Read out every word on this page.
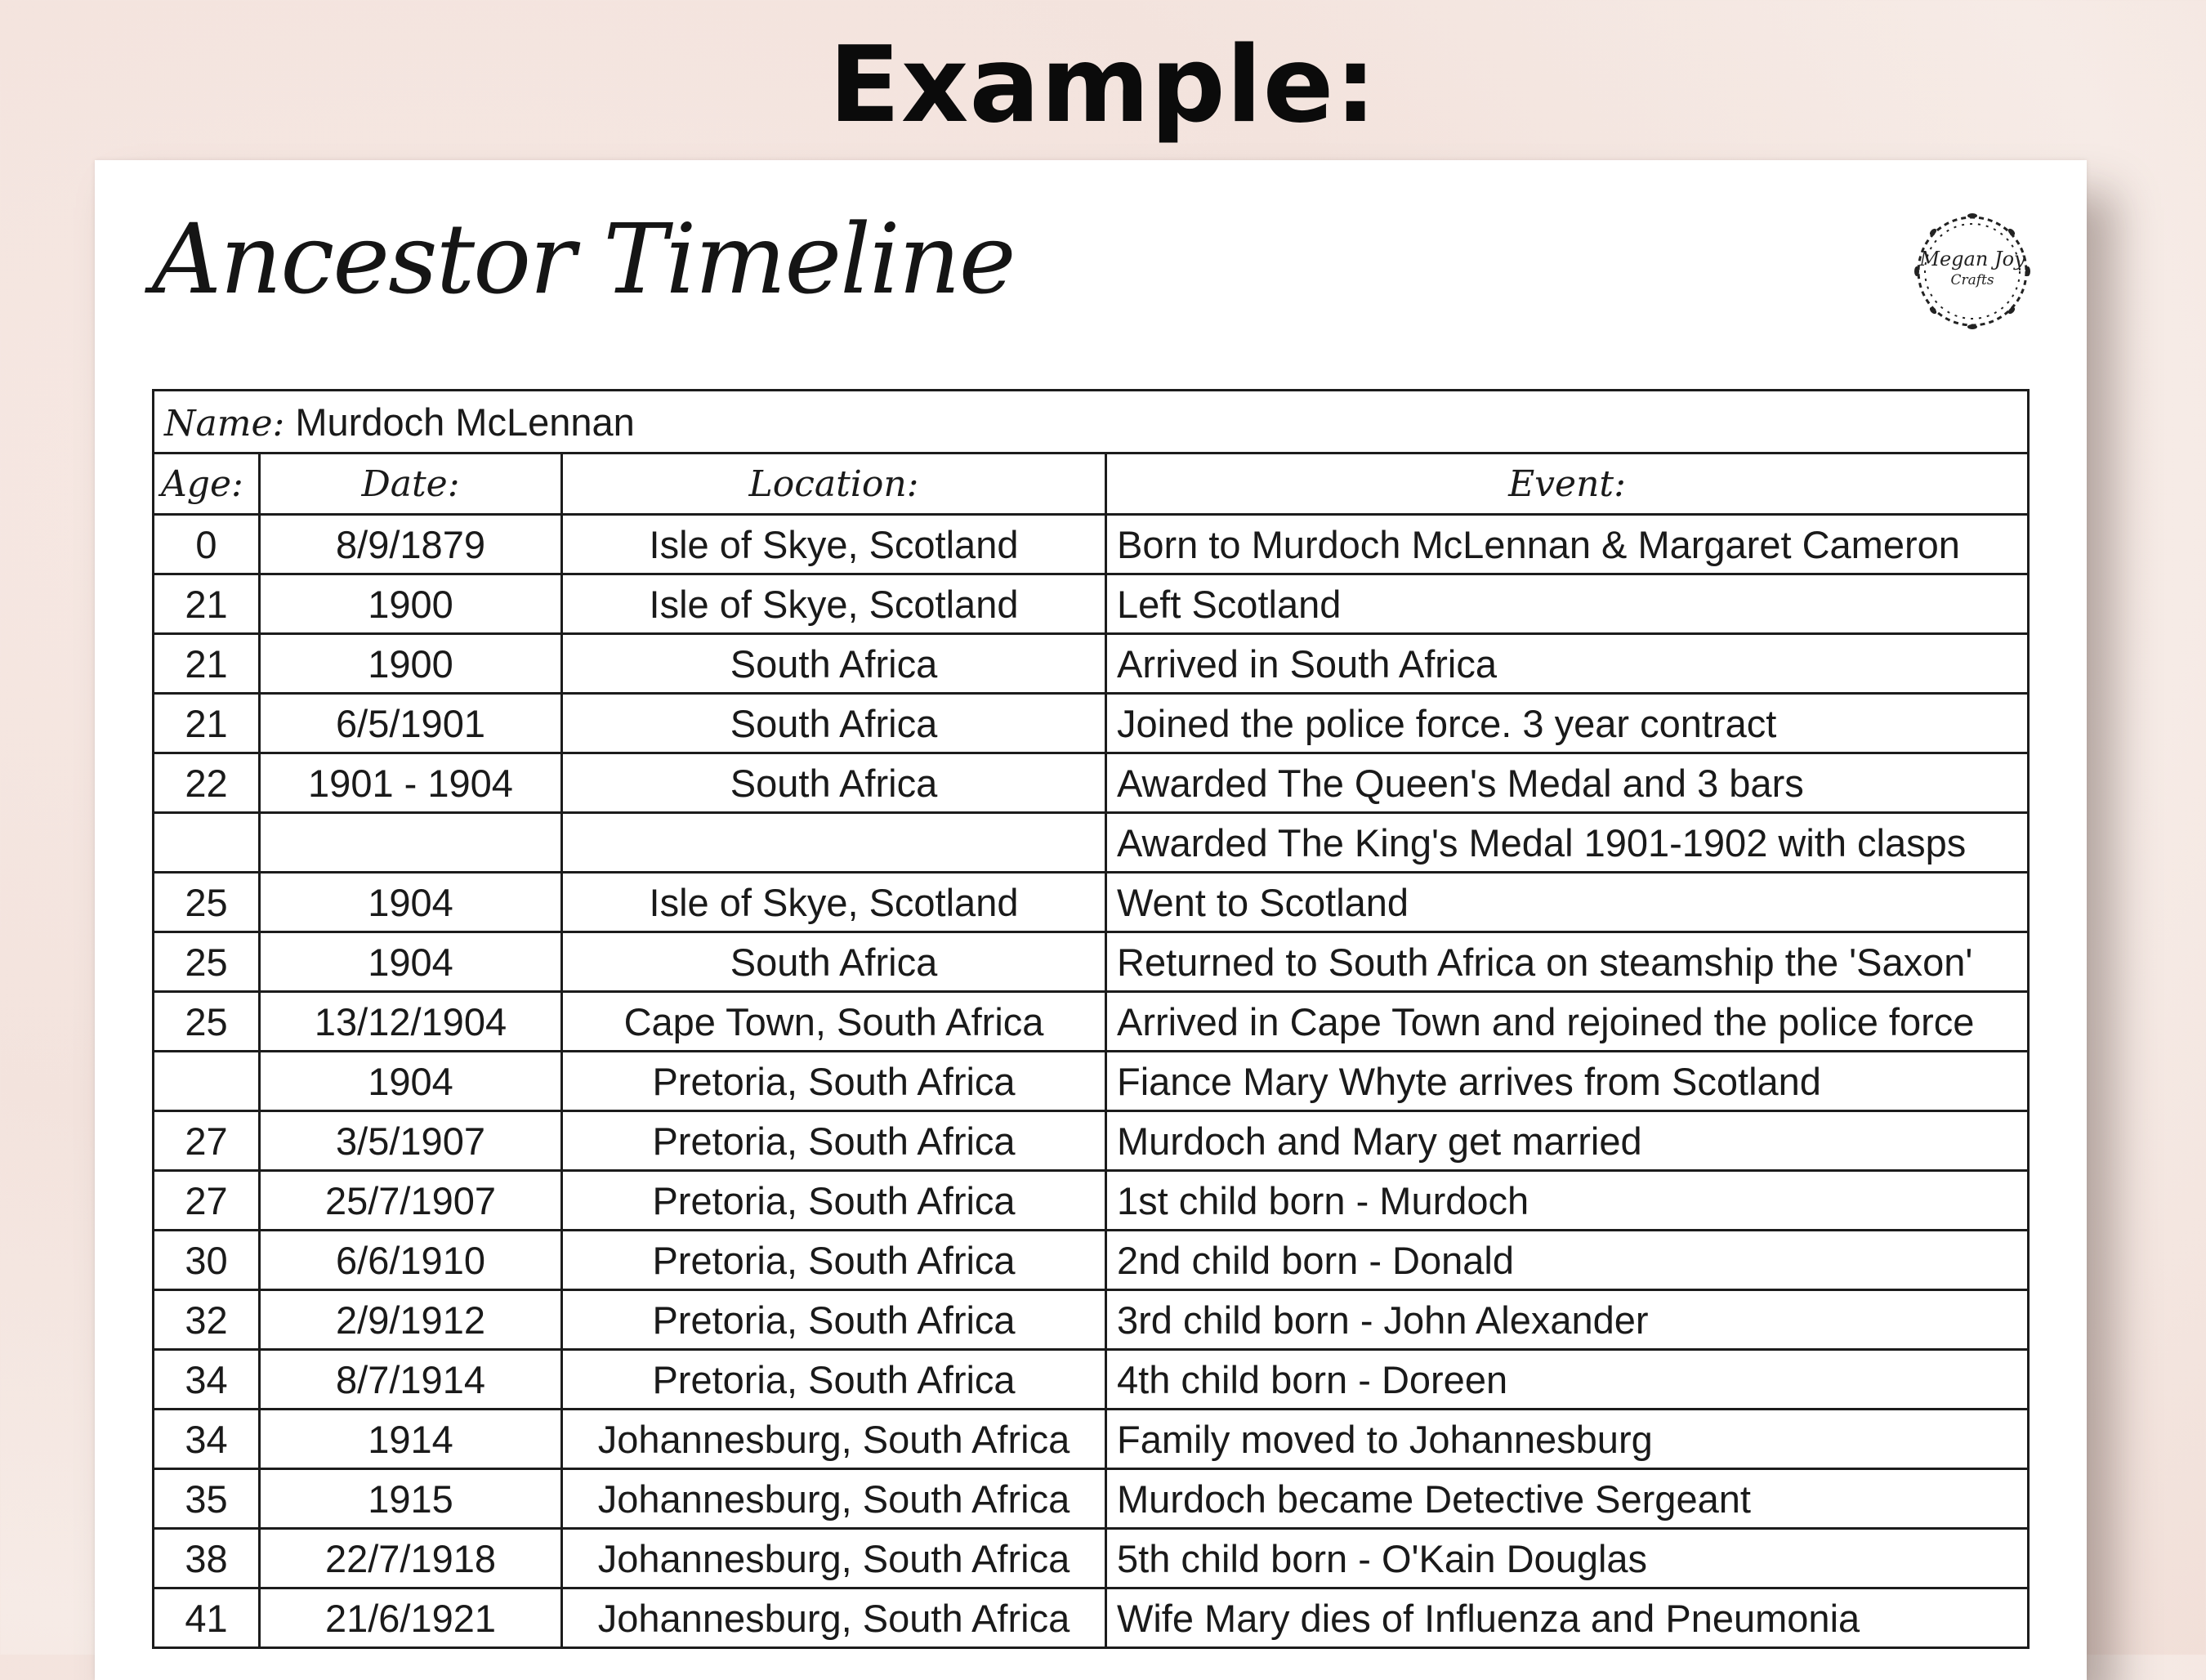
Example:
Ancestor Timeline	Megan Joy
Crafts
Name: Murdoch McLennan			
Age:	Date:	Location:	Event:
0	8/9/1879	Isle of Skye, Scotland	Born to Murdoch McLennan & Margaret Cameron
21	1900	Isle of Skye, Scotland	Left Scotland
21	1900	South Africa	Arrived in South Africa
21	6/5/1901	South Africa	Joined the police force. 3 year contract
22	1901 - 1904	South Africa	Awarded The Queen's Medal and 3 bars
			Awarded The King's Medal 1901-1902 with clasps
25	1904	Isle of Skye, Scotland	Went to Scotland
25	1904	South Africa	Returned to South Africa on steamship the 'Saxon'
25	13/12/1904	Cape Town, South Africa	Arrived in Cape Town and rejoined the police force
	1904	Pretoria, South Africa	Fiance Mary Whyte arrives from Scotland
27	3/5/1907	Pretoria, South Africa	Murdoch and Mary get married
27	25/7/1907	Pretoria, South Africa	1st child born - Murdoch
30	6/6/1910	Pretoria, South Africa	2nd child born - Donald
32	2/9/1912	Pretoria, South Africa	3rd child born - John Alexander
34	8/7/1914	Pretoria, South Africa	4th child born - Doreen
34	1914	Johannesburg, South Africa	Family moved to Johannesburg
35	1915	Johannesburg, South Africa	Murdoch became Detective Sergeant
38	22/7/1918	Johannesburg, South Africa	5th child born - O'Kain Douglas
41	21/6/1921	Johannesburg, South Africa	Wife Mary dies of Influenza and Pneumonia
